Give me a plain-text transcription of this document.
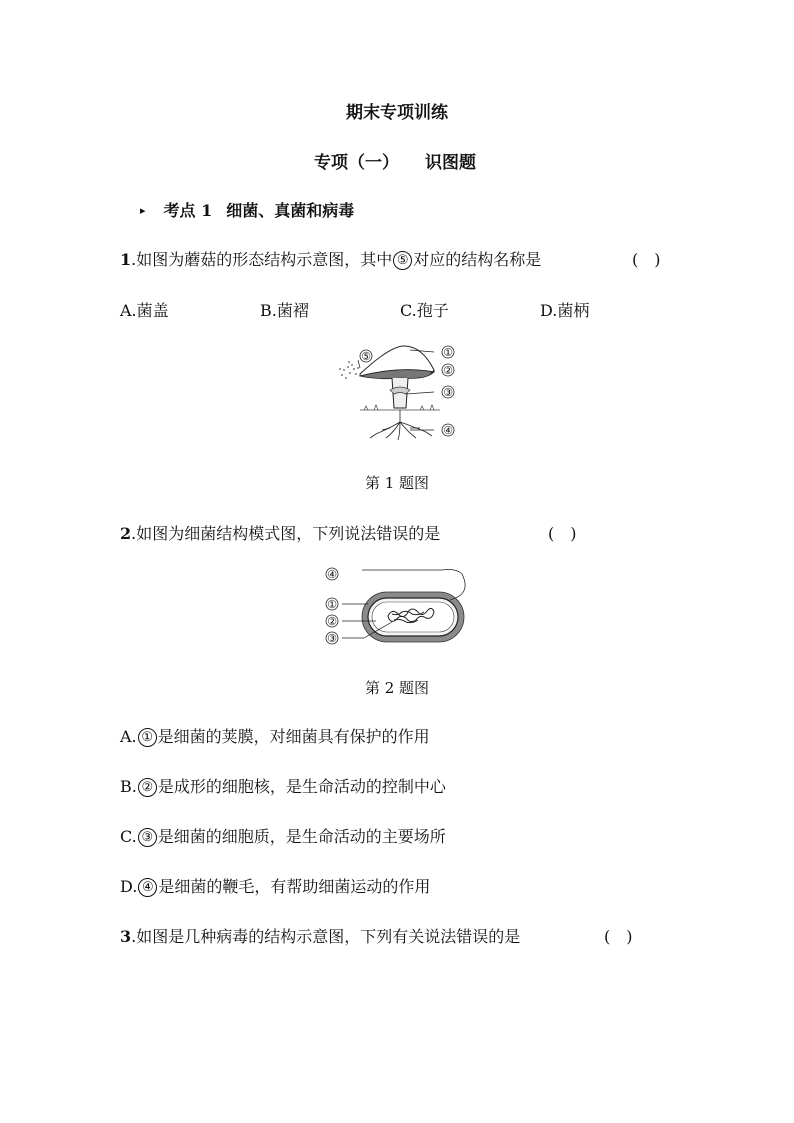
期末专项训练
专项（一） 识图题
▸ 考点 1 细菌、真菌和病毒
1.如图为蘑菇的形态结构示意图，其中 ⑤ 对应的结构名称是	(　)
A.菌盖	B.菌褶	C.孢子	D.菌柄
⑤	①
②
③
④
第 1 题图
2.如图为细菌结构模式图，下列说法错误的是	(　)
④
①
②
③
第 2 题图
A. ① 是细菌的荚膜，对细菌具有保护的作用
B. ② 是成形的细胞核，是生命活动的控制中心
C. ③ 是细菌的细胞质，是生命活动的主要场所
D. ④ 是细菌的鞭毛，有帮助细菌运动的作用
3.如图是几种病毒的结构示意图，下列有关说法错误的是	(　)
